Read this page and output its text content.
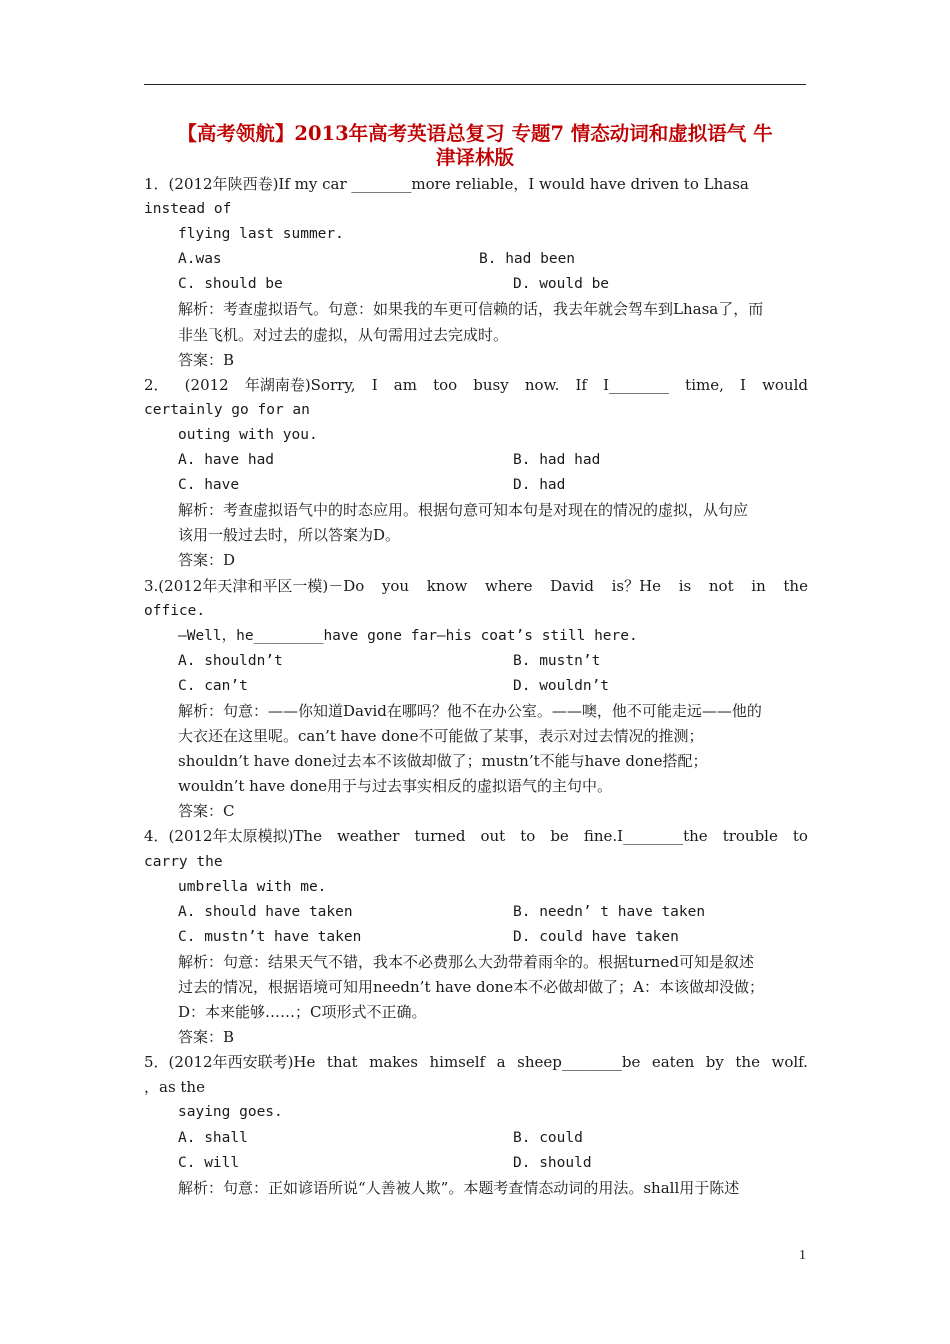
【高考领航】2013年高考英语总复习 专题7 情态动词和虚拟语气 牛
津译林版
1．(2012年陕西卷)If my car ________more reliable，I would have driven to Lhasa
instead of
flying last summer.
A.was	B. had been
C. should be	D. would be
解析：考查虚拟语气。句意：如果我的车更可信赖的话，我去年就会驾车到Lhasa了，而
非坐飞机。对过去的虚拟，从句需用过去完成时。
答案：B
2． (2012 年湖南卷)Sorry, I am too busy now. If I________ time, I would
certainly go for an
outing with you.
A. have had	B. had had
C. have	D. had
解析：考查虚拟语气中的时态应用。根据句意可知本句是对现在的情况的虚拟，从句应
该用一般过去时，所以答案为D。
答案：D
3.(2012年天津和平区一模)－Do you know where David is？He is not in the
office.
—Well，he________have gone far—his coat’s still here.
A. shouldn’t	B. mustn’t
C. can’t	D. wouldn’t
解析：句意：——你知道David在哪吗？他不在办公室。——噢，他不可能走远——他的
大衣还在这里呢。can’t have done不可能做了某事，表示对过去情况的推测；
shouldn’t have done过去本不该做却做了；mustn’t不能与have done搭配；
wouldn’t have done用于与过去事实相反的虚拟语气的主句中。
答案：C
4．(2012年太原模拟)The weather turned out to be fine.I________the trouble to
carry the
umbrella with me.
A. should have taken	B. needn’ t have taken
C. mustn’t have taken	D. could have taken
解析：句意：结果天气不错，我本不必费那么大劲带着雨伞的。根据turned可知是叙述
过去的情况，根据语境可知用needn’t have done本不必做却做了；A：本该做却没做；
D：本来能够……；C项形式不正确。
答案：B
5．(2012年西安联考)He that makes himself a sheep________be eaten by the wolf.
，as the
saying goes.
A. shall	B. could
C. will	D. should
解析：句意：正如谚语所说“人善被人欺”。本题考查情态动词的用法。shall用于陈述
1
